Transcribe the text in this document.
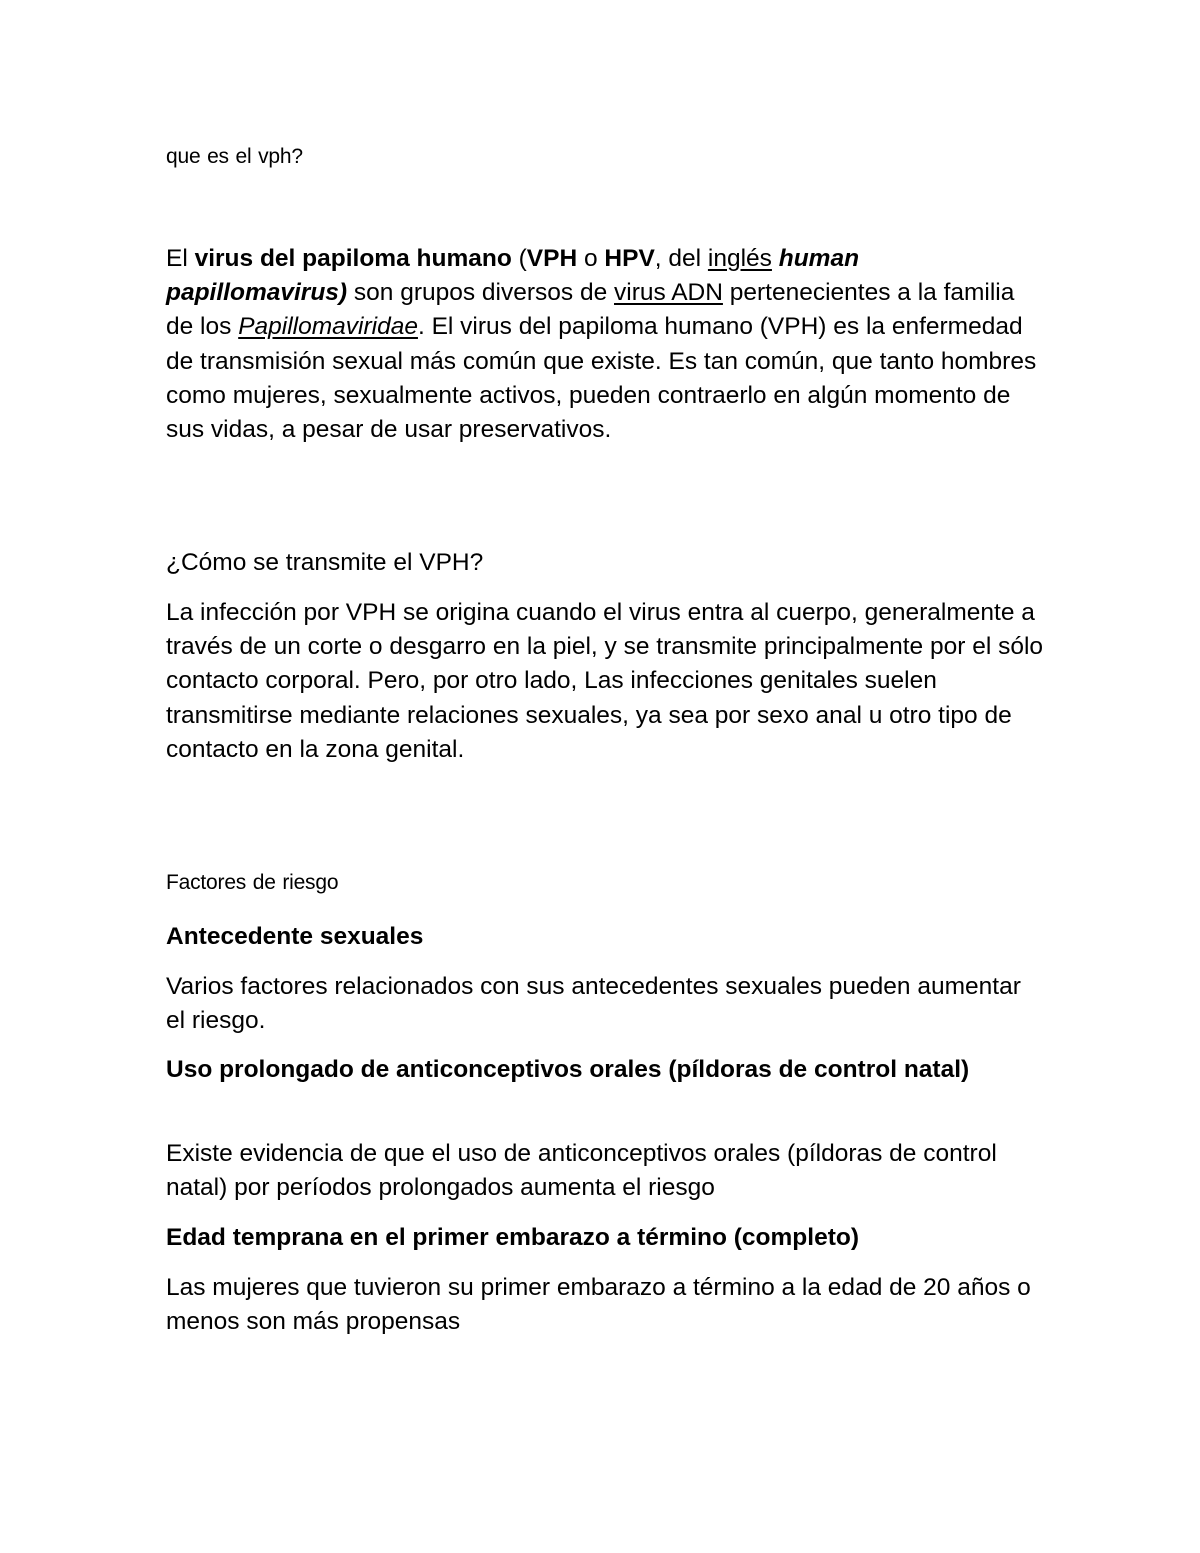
que es el vph?

El virus del papiloma humano (VPH o HPV, del inglés human papillomavirus) son grupos diversos de virus ADN pertenecientes a la familia de los Papillomaviridae. El virus del papiloma humano (VPH) es la enfermedad de transmisión sexual más común que existe. Es tan común, que tanto hombres como mujeres, sexualmente activos, pueden contraerlo en algún momento de sus vidas, a pesar de usar preservativos.

¿Cómo se transmite el VPH?

La infección por VPH se origina cuando el virus entra al cuerpo, generalmente a través de un corte o desgarro en la piel, y se transmite principalmente por el sólo contacto corporal. Pero, por otro lado, Las infecciones genitales suelen transmitirse mediante relaciones sexuales, ya sea por sexo anal u otro tipo de contacto en la zona genital.

Factores de riesgo

Antecedente sexuales

Varios factores relacionados con sus antecedentes sexuales pueden aumentar el riesgo.

Uso prolongado de anticonceptivos orales (píldoras de control natal)

Existe evidencia de que el uso de anticonceptivos orales (píldoras de control natal) por períodos prolongados aumenta el riesgo

Edad temprana en el primer embarazo a término (completo)

Las mujeres que tuvieron su primer embarazo a término a la edad de 20 años o menos son más propensas
